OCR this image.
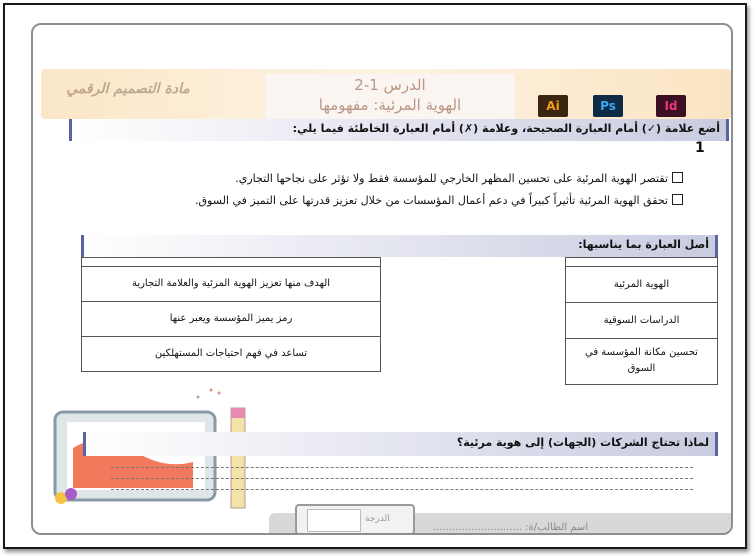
مادة التصميم الرقمي	الدرس 1-2
الهوية المرئية: مفهومها	Ai	Ps	Id
أضع علامة (✓) أمام العبارة الصحيحة، وعلامة (✗) أمام العبارة الخاطئة فيما يلي:
1
تقتصر الهوية المرئية على تحسين المظهر الخارجي للمؤسسة فقط ولا تؤثر على نجاحها التجاري.
تحقق الهوية المرئية تأثيراً كبيراً في دعم أعمال المؤسسات من خلال تعزيز قدرتها على التميز في السوق.
الهدف منها تعزيز الهوية المرئية والعلامة التجارية
رمز يميز المؤسسة ويعبر عنها
تساعد في فهم احتياجات المستهلكين
الهوية المرئية
الدراسات السوقية
تحسين مكانة المؤسسة في السوق
أصل العبارة بما يناسبها:
لماذا تحتاج الشركات (الجهات) إلى هوية مرئية؟
الدرجة
اسم الطالب/ة: ............................
